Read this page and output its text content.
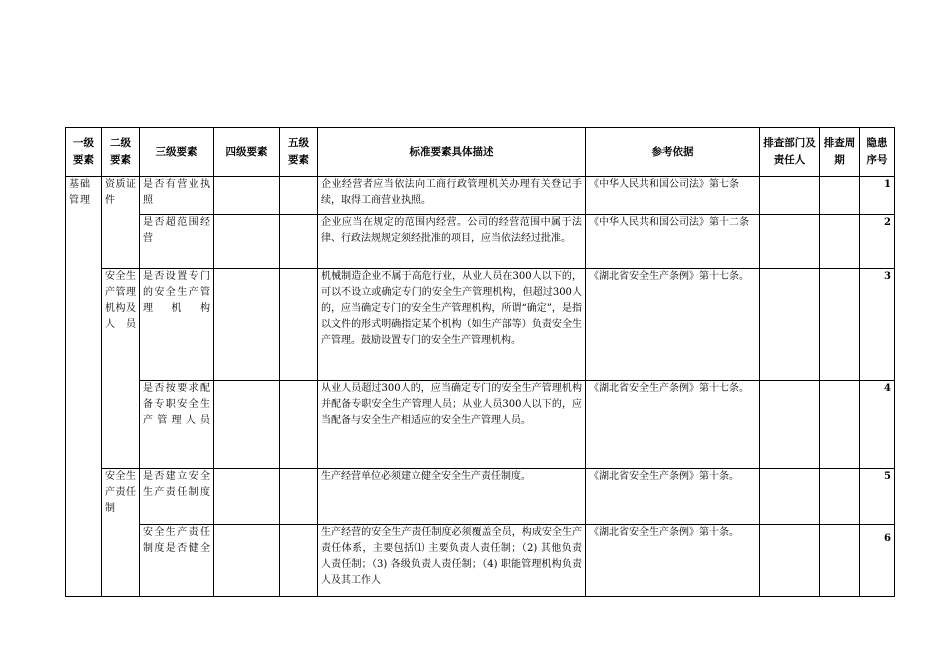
一级要素	二级要素	三级要素	四级要素	五级要素	标准要素具体描述	参考依据	排查部门及责任人	排查周期	隐患序号
基础管理	资质证件	是否有营业执照			企业经营者应当依法向工商行政管理机关办理有关登记手续，取得工商营业执照。	《中华人民共和国公司法》第七条			1
		是否超范围经营			企业应当在规定的范围内经营。公司的经营范围中属于法律、行政法规规定须经批准的项目，应当依法经过批准。	《中华人民共和国公司法》第十二条			2
	安全生产管理机构及人员	是否设置专门的安全生产管理机构			机械制造企业不属于高危行业，从业人员在300人以下的，可以不设立或确定专门的安全生产管理机构，但超过300人的，应当确定专门的安全生产管理机构，所谓“确定”，是指以文件的形式明确指定某个机构（如生产部等）负责安全生产管理。鼓励设置专门的安全生产管理机构。	《湖北省安全生产条例》第十七条。			3
		是否按要求配备专职安全生产管理人员			从业人员超过300人的，应当确定专门的安全生产管理机构并配备专职安全生产管理人员；从业人员300人以下的，应当配备与安全生产相适应的安全生产管理人员。	《湖北省安全生产条例》第十七条。			4
	安全生产责任制	是否建立安全生产责任制度			生产经营单位必须建立健全安全生产责任制度。	《湖北省安全生产条例》第十条。			5
		安全生产责任制度是否健全			生产经营的安全生产责任制度必须覆盖全员，构成安全生产责任体系，主要包括⑴ 主要负责人责任制；（2) 其他负责人责任制；（3) 各级负责人责任制；（4) 职能管理机构负责人及其工作人	《湖北省安全生产条例》第十条。			6
